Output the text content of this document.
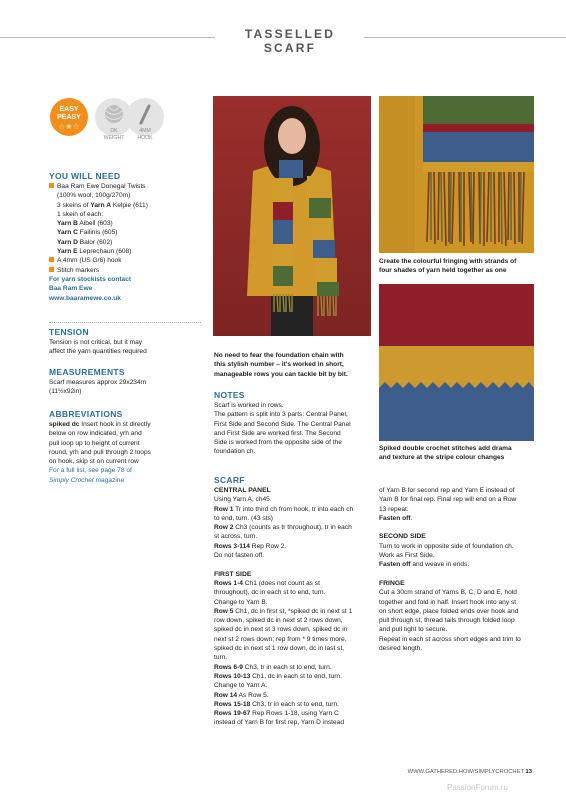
TASSELLED SCARF
EASY
PEASY
☆★☆	DK
WEIGHT
4MM
HOOK
YOU WILL NEED
Baa Ram Ewe Donegal Twists
(100% wool, 100g/270m)
3 skeins of Yarn A Kelpie (611)
1 skein of each:
Yarn B Aibell (603)
Yarn C Failinis (605)
Yarn D Balor (602)
Yarn E Leprechaun (608)
A 4mm (US G/6) hook
Stitch markers
For yarn stockists contact
Baa Ram Ewe
www.baaramewe.co.uk
TENSION
Tension is not critical, but it may
affect the yarn quantities required
MEASUREMENTS
Scarf measures approx 29x234m
(11½x92in)
ABBREVIATIONS
spiked dc Insert hook in st directly
below on row indicated, yrh and
pull loop up to height of current
round, yrh and pull through 2 loops
on hook, skip st on current row
For a full list, see page 78 of
Simply Crochet magazine
Create the colourful fringing with strands of
four shades of yarn held together as one
Spiked double crochet stitches add drama
and texture at the stripe colour changes
No need to fear the foundation chain with
this stylish number – it's worked in short,
manageable rows you can tackle bit by bit.
NOTES
Scarf is worked in rows.
The pattern is split into 3 parts: Central Panel,
First Side and Second Side. The Central Panel
and First Side are worked first. The Second
Side is worked from the opposite side of the
foundation ch.
SCARF
CENTRAL PANEL
Using Yarn A, ch45.
Row 1 Tr into third ch from hook, tr into each ch
to end, turn. (43 sts)
Row 2 Ch3 (counts as tr throughout), tr in each
st across, turn.
Rows 3-114 Rep Row 2.
Do not fasten off.

FIRST SIDE
Rows 1-4 Ch1 (does not count as st
throughout), dc in each st to end, turn.
Change to Yarn B.
Row 5 Ch1, dc in first st, *spiked dc in next st 1
row down, spiked dc in next st 2 rows down,
spiked dc in next st 3 rows down, spiked dc in
next st 2 rows down; rep from * 9 times more,
spiked dc in next st 1 row down, dc in last st,
turn.
Rows 6-9 Ch3, tr in each st to end, turn.
Rows 10-13 Ch1, dc in each st to end, turn.
Change to Yarn A.
Row 14 As Row 5.
Rows 15-18 Ch3, tr in each st to end, turn.
Rows 19-67 Rep Rows 1-18, using Yarn C
instead of Yarn B for first rep, Yarn D instead
of Yarn B for second rep and Yarn E instead of
Yarn B for final rep. Final rep will end on a Row
13 repeat.
Fasten off.

SECOND SIDE
Turn to work in opposite side of foundation ch.
Work as First Side.
Fasten off and weave in ends.

FRINGE
Cut a 30cm strand of Yarns B, C, D and E, hold
together and fold in half. Insert hook into any st
on short edge, place folded ends over hook and
pull through st, thread tails through folded loop
and pull tight to secure.
Repeat in each st across short edges and trim to
desired length.
WWW.GATHERED.HOW/SIMPLYCROCHET 13
PassionForum.ru
